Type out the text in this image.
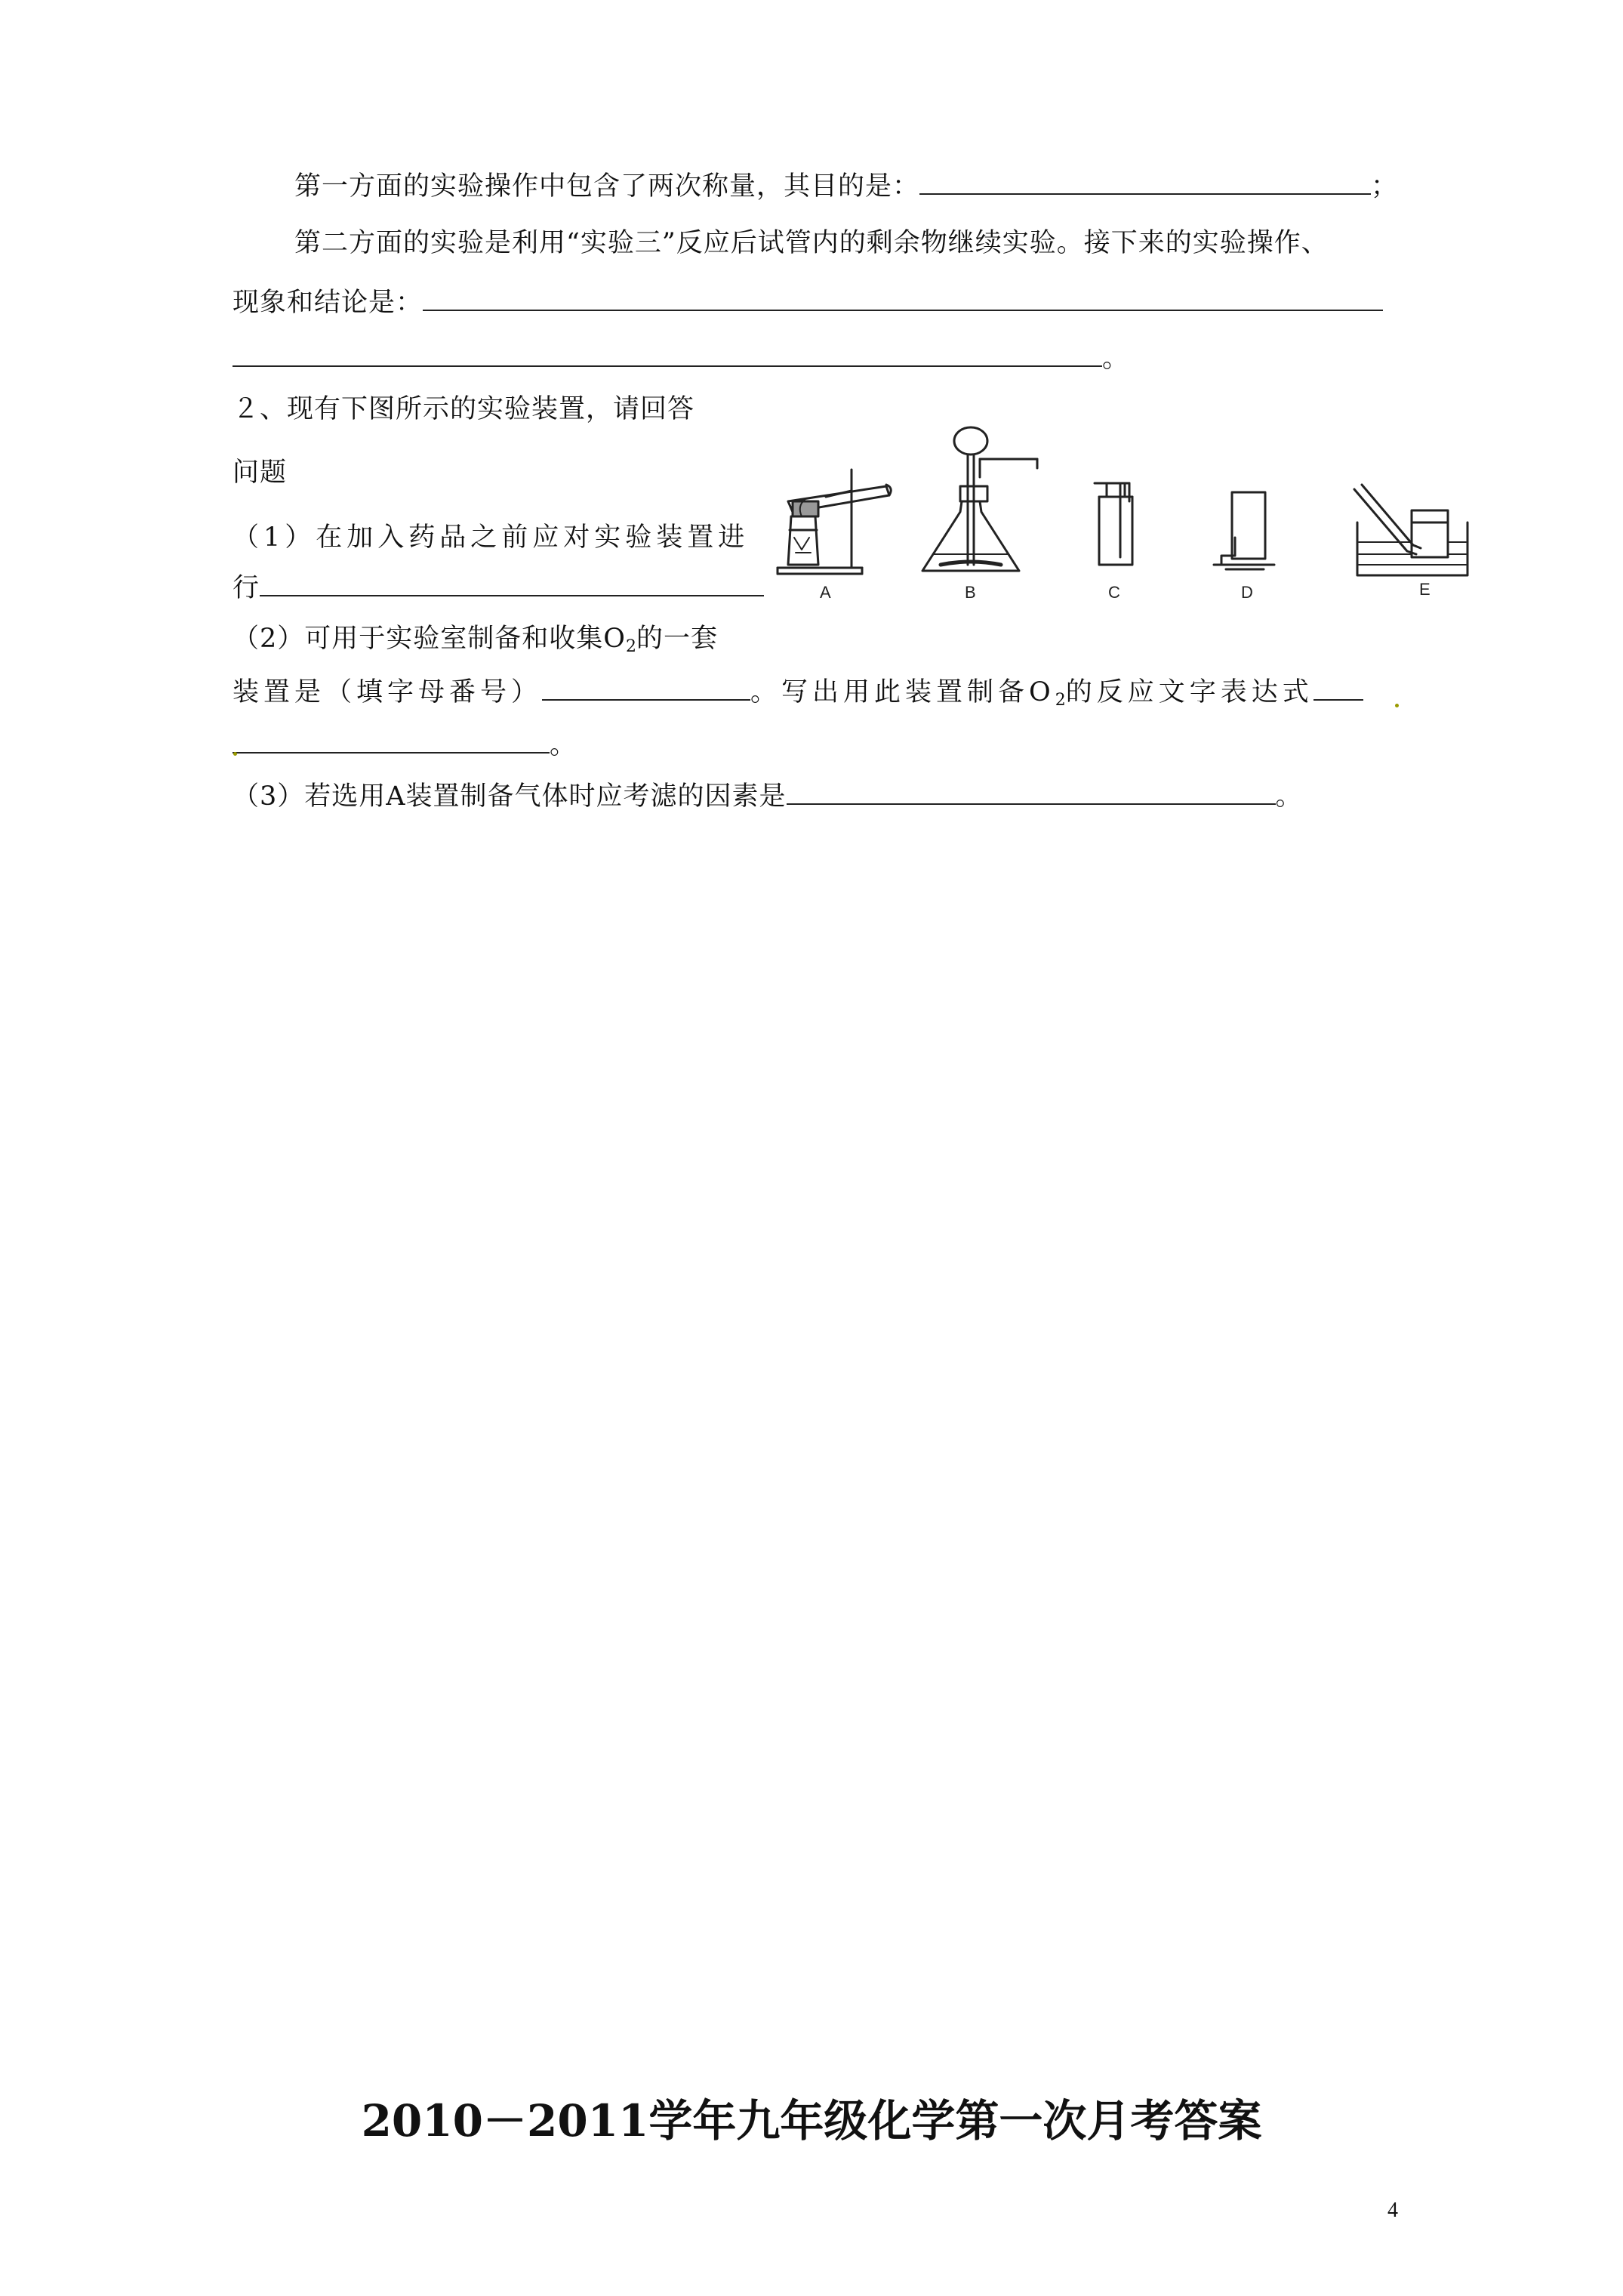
第一方面的实验操作中包含了两次称量，其目的是：	；
第二方面的实验是利用“实验三”反应后试管内的剩余物继续实验。接下来的实验操作、
现象和结论是：
。
２、现有下图所示的实验装置，请回答
问题
（1）在加入药品之前应对实验装置进
行
（2）可用于实验室制备和收集$O_2$的一套
装置是（填字母番号）	。写出用此装置制备$O_2$的反应文字表达式
。
（3）若选用A装置制备气体时应考滤的因素是	。
A	B	C	D	E
2010－2011学年九年级化学第一次月考答案
4
